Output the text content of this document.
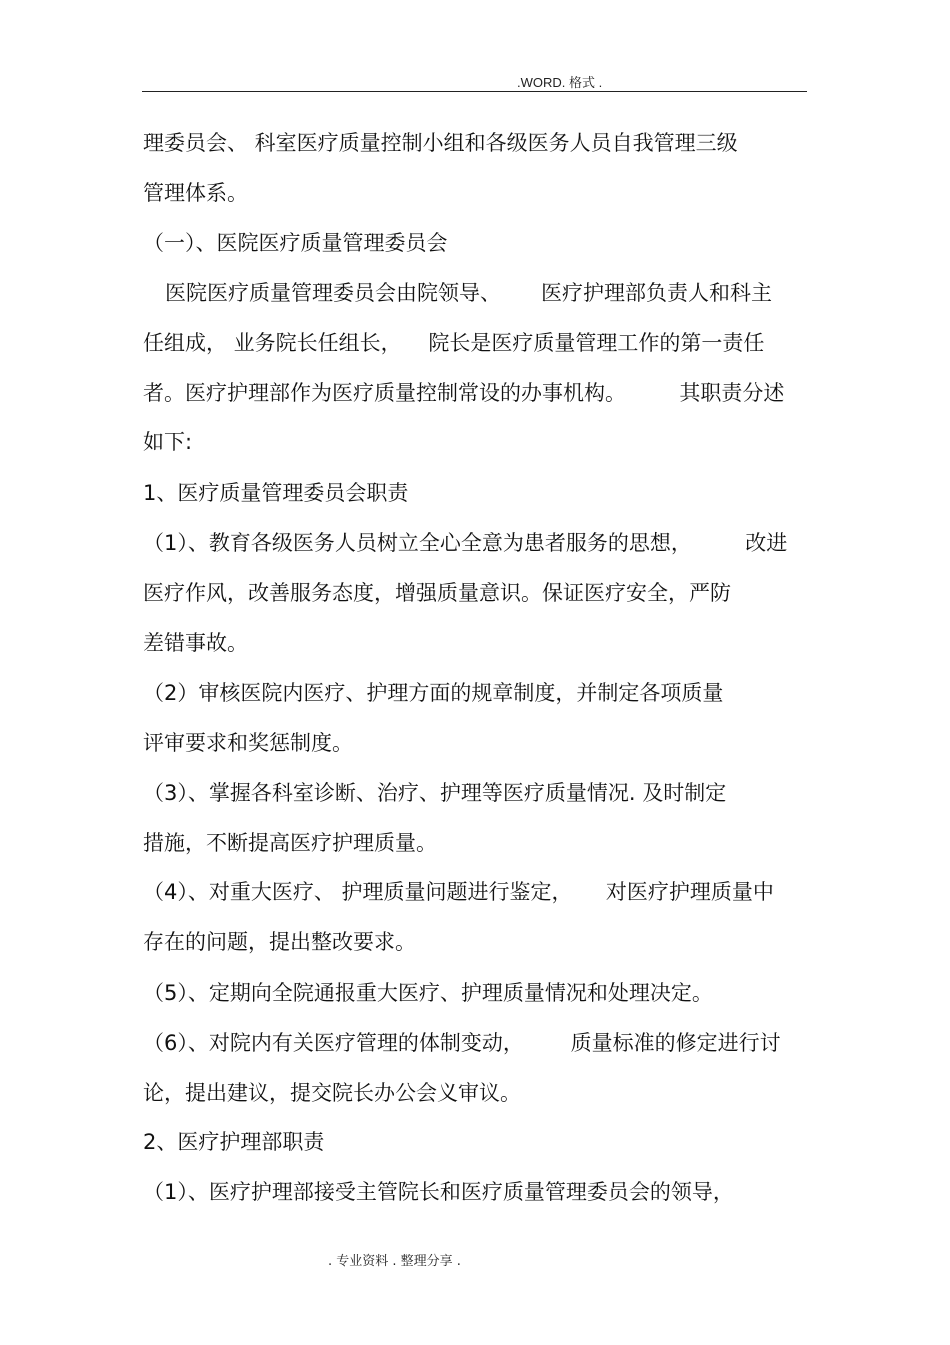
.WORD. 格式 .
理委员会、 科室医疗质量控制小组和各级医务人员自我管理三级
管理体系。
（一）、医院医疗质量管理委员会
医院医疗质量管理委员会由院领导、      医疗护理部负责人和科主
任组成， 业务院长任组长，    院长是医疗质量管理工作的第一责任
者。医疗护理部作为医疗质量控制常设的办事机构。        其职责分述
如下:
1、医疗质量管理委员会职责
（1）、教育各级医务人员树立全心全意为患者服务的思想，        改进
医疗作风，改善服务态度，增强质量意识。保证医疗安全，严防
差错事故。
（2）审核医院内医疗、护理方面的规章制度，并制定各项质量
评审要求和奖惩制度。
（3）、掌握各科室诊断、治疗、护理等医疗质量情况. 及时制定
措施，不断提高医疗护理质量。
（4）、对重大医疗、 护理质量问题进行鉴定，     对医疗护理质量中
存在的问题，提出整改要求。
（5）、定期向全院通报重大医疗、护理质量情况和处理决定。
（6）、对院内有关医疗管理的体制变动，       质量标准的修定进行讨
论，提出建议，提交院长办公会义审议。
2、医疗护理部职责
（1）、医疗护理部接受主管院长和医疗质量管理委员会的领导，
. 专业资料 . 整理分享 .
